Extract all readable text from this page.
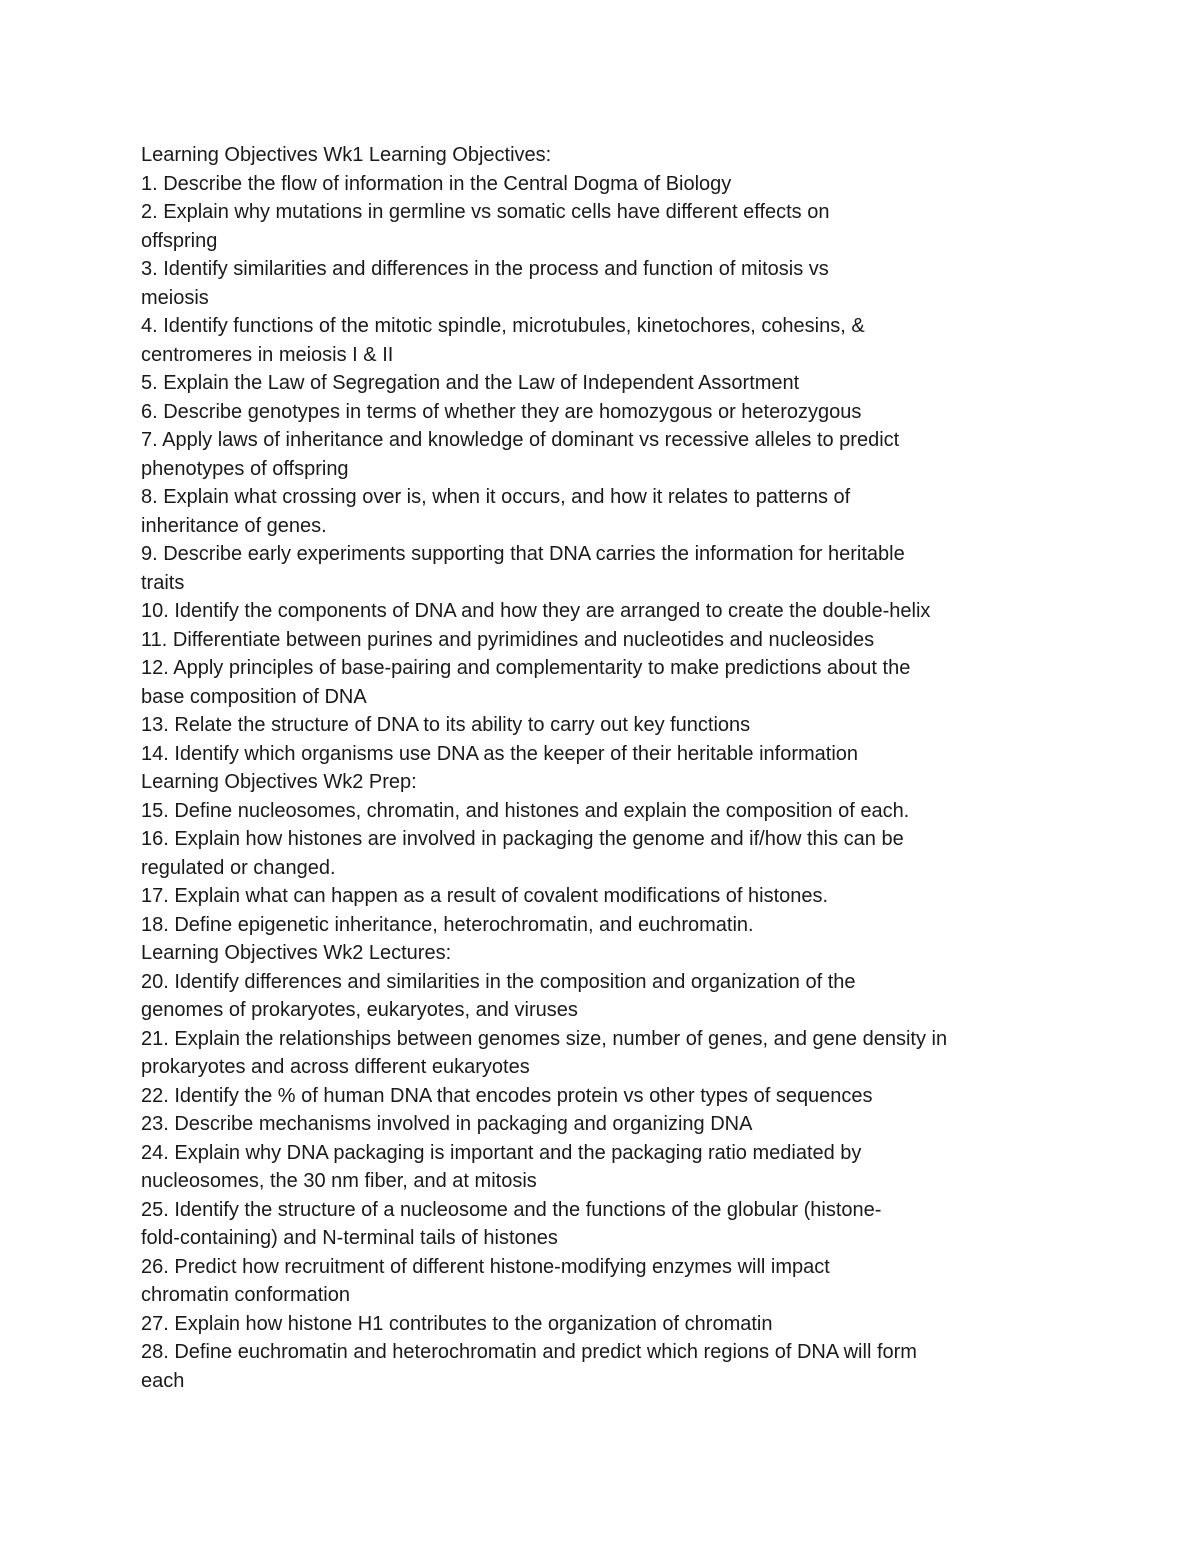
Learning Objectives Wk1 Learning Objectives:
1. Describe the flow of information in the Central Dogma of Biology
2. Explain why mutations in germline vs somatic cells have different effects on
offspring
3. Identify similarities and differences in the process and function of mitosis vs
meiosis
4. Identify functions of the mitotic spindle, microtubules, kinetochores, cohesins, &
centromeres in meiosis I & II
5. Explain the Law of Segregation and the Law of Independent Assortment
6. Describe genotypes in terms of whether they are homozygous or heterozygous
7. Apply laws of inheritance and knowledge of dominant vs recessive alleles to predict
phenotypes of offspring
8. Explain what crossing over is, when it occurs, and how it relates to patterns of
inheritance of genes.
9. Describe early experiments supporting that DNA carries the information for heritable
traits
10. Identify the components of DNA and how they are arranged to create the double-helix
11. Differentiate between purines and pyrimidines and nucleotides and nucleosides
12. Apply principles of base-pairing and complementarity to make predictions about the
base composition of DNA
13. Relate the structure of DNA to its ability to carry out key functions
14. Identify which organisms use DNA as the keeper of their heritable information
Learning Objectives Wk2 Prep:
15. Define nucleosomes, chromatin, and histones and explain the composition of each.
16. Explain how histones are involved in packaging the genome and if/how this can be
regulated or changed.
17. Explain what can happen as a result of covalent modifications of histones.
18. Define epigenetic inheritance, heterochromatin, and euchromatin.
Learning Objectives Wk2 Lectures:
20. Identify differences and similarities in the composition and organization of the
genomes of prokaryotes, eukaryotes, and viruses
21. Explain the relationships between genomes size, number of genes, and gene density in
prokaryotes and across different eukaryotes
22. Identify the % of human DNA that encodes protein vs other types of sequences
23. Describe mechanisms involved in packaging and organizing DNA
24. Explain why DNA packaging is important and the packaging ratio mediated by
nucleosomes, the 30 nm fiber, and at mitosis
25. Identify the structure of a nucleosome and the functions of the globular (histone-
fold-containing) and N-terminal tails of histones
26. Predict how recruitment of different histone-modifying enzymes will impact
chromatin conformation
27. Explain how histone H1 contributes to the organization of chromatin
28. Define euchromatin and heterochromatin and predict which regions of DNA will form
each
